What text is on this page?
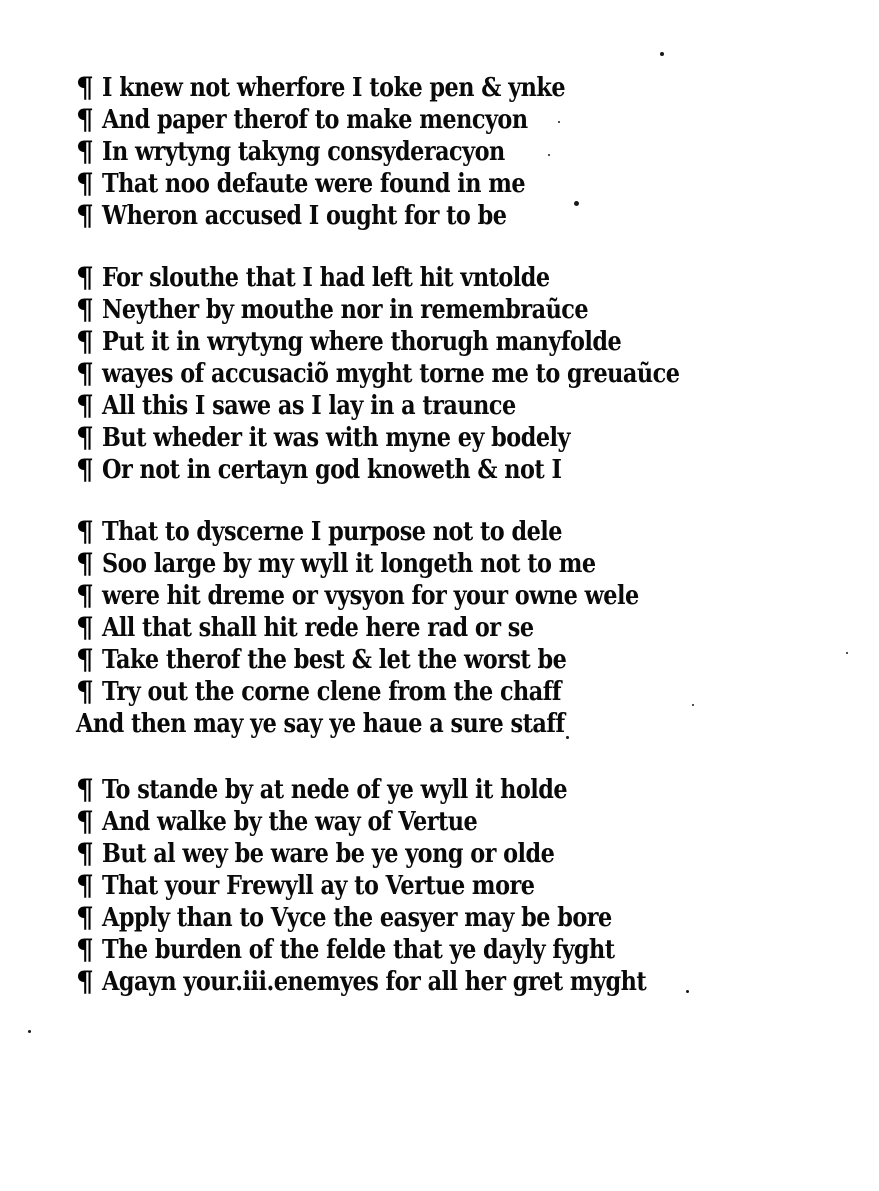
¶ I knew not wherfore I toke pen & ynke
¶ And paper therof to make mencyon
¶ In wrytyng takyng consyderacyon
¶ That noo defaute were found in me
¶ Wheron accused I ought for to be
¶ For slouthe that I had left hit vntolde
¶ Neyther by mouthe nor in remembraũce
¶ Put it in wrytyng where thorugh manyfolde
¶ wayes of accusaciõ myght torne me to greuaũce
¶ All this I sawe as I lay in a traunce
¶ But wheder it was with myne ey bodely
¶ Or not in certayn god knoweth & not I
¶ That to dyscerne I purpose not to dele
¶ Soo large by my wyll it longeth not to me
¶ were hit dreme or vysyon for your owne wele
¶ All that shall hit rede here rad or se
¶ Take therof the best & let the worst be
¶ Try out the corne clene from the chaff
And then may ye say ye haue a sure staff
¶ To stande by at nede of ye wyll it holde
¶ And walke by the way of Vertue
¶ But al wey be ware be ye yong or olde
¶ That your Frewyll ay to Vertue more
¶ Apply than to Vyce the easyer may be bore
¶ The burden of the felde that ye dayly fyght
¶ Agayn your.iii.enemyes for all her gret myght
